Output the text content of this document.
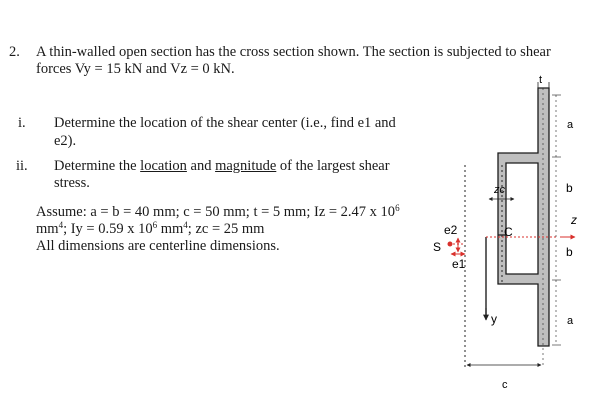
2. A thin-walled open section has the cross section shown. The section is subjected to shear
forces Vy = 15 kN and Vz = 0 kN.
i. Determine the location of the shear center (i.e., find e1 and
e2).
ii. Determine the location and magnitude of the largest shear
stress.
Assume: a = b = 40 mm; c = 50 mm; t = 5 mm; Iz = 2.47 x $10^6$
$mm^4$; Iy = 0.59 x $10^6$ $mm^4$; zc = 25 mm
All dimensions are centerline dimensions.
t
a
b
b
a
z
zc
C
S
e2
e1
y
c
